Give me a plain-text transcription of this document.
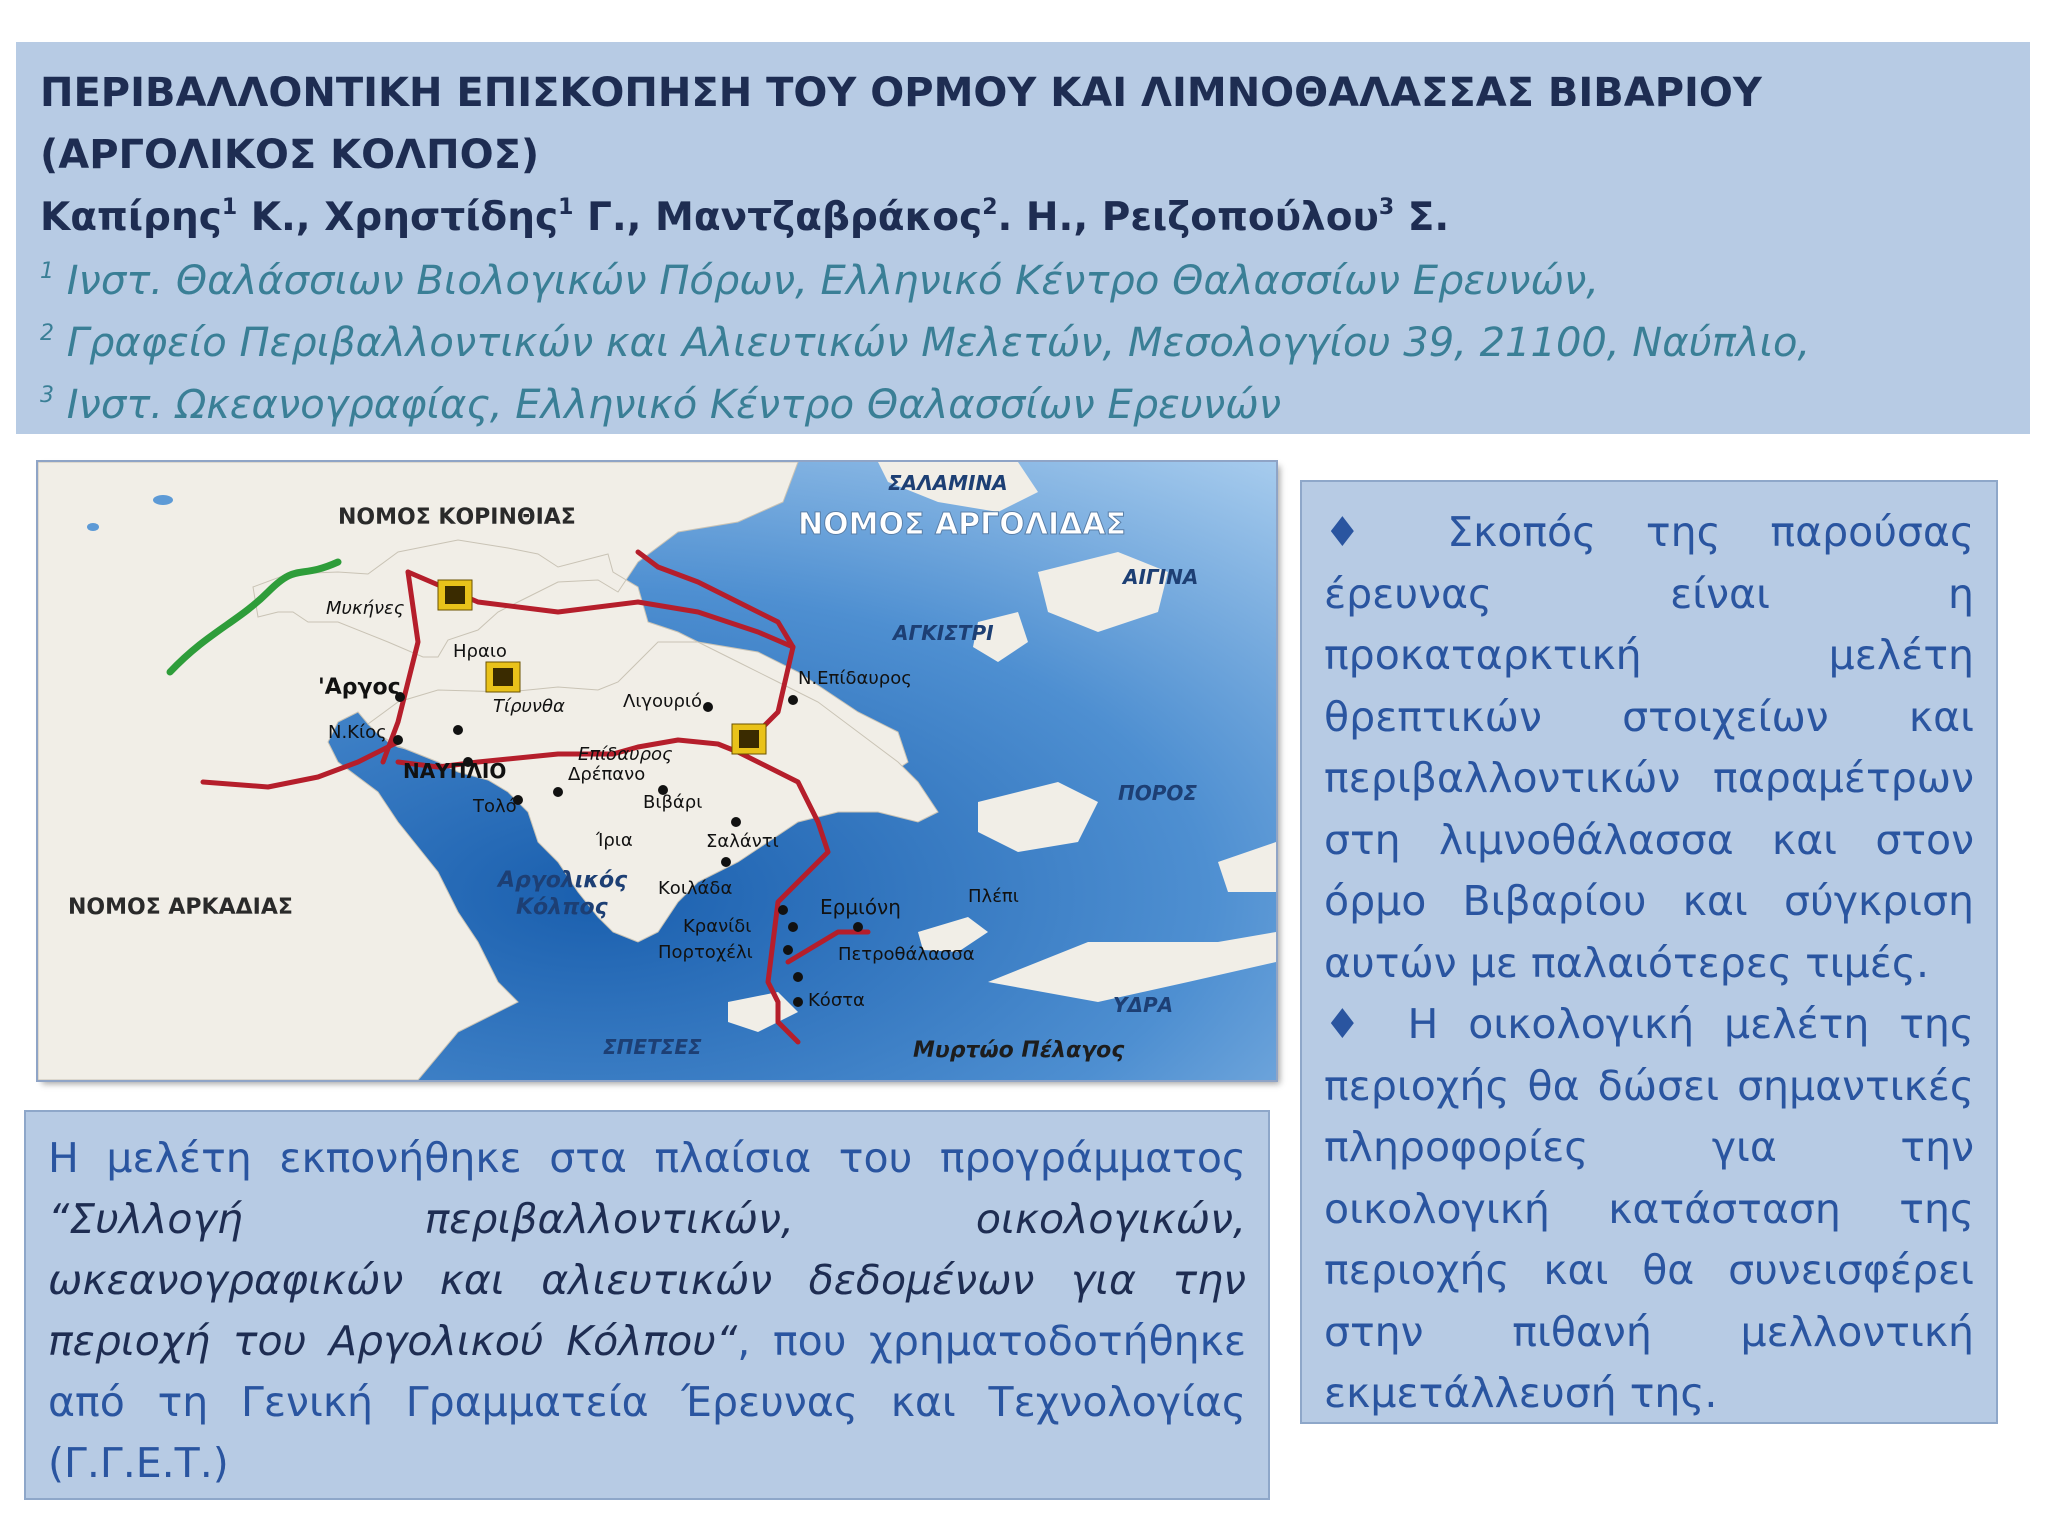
ΠΕΡΙΒΑΛΛΟΝΤΙΚΗ ΕΠΙΣΚΟΠΗΣΗ ΤΟΥ ΟΡΜΟΥ ΚΑΙ ΛΙΜΝΟΘΑΛΑΣΣΑΣ ΒΙΒΑΡΙΟΥ (ΑΡΓΟΛΙΚΟΣ ΚΟΛΠΟΣ)

Καπίρης$^1$ Κ., Χρηστίδης$^1$ Γ., Μαντζαβράκος$^2$. Η., Ρειζοπούλου$^3$ Σ.

$^1$ Ινστ. Θαλάσσιων Βιολογικών Πόρων, Ελληνικό Κέντρο Θαλασσίων Ερευνών,

$^2$ Γραφείο Περιβαλλοντικών και Αλιευτικών Μελετών, Μεσολογγίου 39, 21100, Ναύπλιο,

$^3$ Ινστ. Ωκεανογραφίας, Ελληνικό Κέντρο Θαλασσίων Ερευνών

ΝΟΜΟΣ ΚΟΡΙΝΘΙΑΣ	ΝΟΜΟΣ ΑΡΓΟΛΙΔΑΣ
ΝΟΜΟΣ ΑΡΚΑΔΙΑΣ
ΣΑΛΑΜΙΝΑ
ΑΙΓΙΝΑ
ΑΓΚΙΣΤΡΙ
ΠΟΡΟΣ
ΥΔΡΑ
ΣΠΕΤΣΕΣ	Μυρτώο Πέλαγος
Αργολικός
Κόλπος
Μυκήνες
Ηραιο
'Αργος
Τίρυνθα	Λιγουριό
Ν.Επίδαυρος
Ν.Κίος
ΝΑΥΠΛΙΟ
Επίδαυρος
Δρέπανο
Τολό	Βιβάρι
Ίρια	Σαλάντι
Κοιλάδα
Ερμιόνη	Πλέπι
Κρανίδι
Πορτοχέλι	Πετροθάλασσα
Κόστα
Η μελέτη εκπονήθηκε στα πλαίσια του προγράμματος “Συλλογή περιβαλλοντικών, οικολογικών, ωκεανογραφικών και αλιευτικών δεδομένων για την περιοχή του Αργολικού Κόλπου“, που χρηματοδοτήθηκε από τη Γενική Γραμματεία Έρευνας και Τεχνολογίας (Γ.Γ.Ε.Τ.)

♦ Σκοπός της παρούσας έρευνας είναι η προκαταρκτική μελέτη θρεπτικών στοιχείων και περιβαλλοντικών παραμέτρων στη λιμνοθάλασσα και στον όρμο Βιβαρίου και σύγκριση αυτών με παλαιότερες τιμές.

♦ Η οικολογική μελέτη της περιοχής θα δώσει σημαντικές πληροφορίες για την οικολογική κατάσταση της περιοχής και θα συνεισφέρει στην πιθανή μελλοντική εκμετάλλευσή της.
